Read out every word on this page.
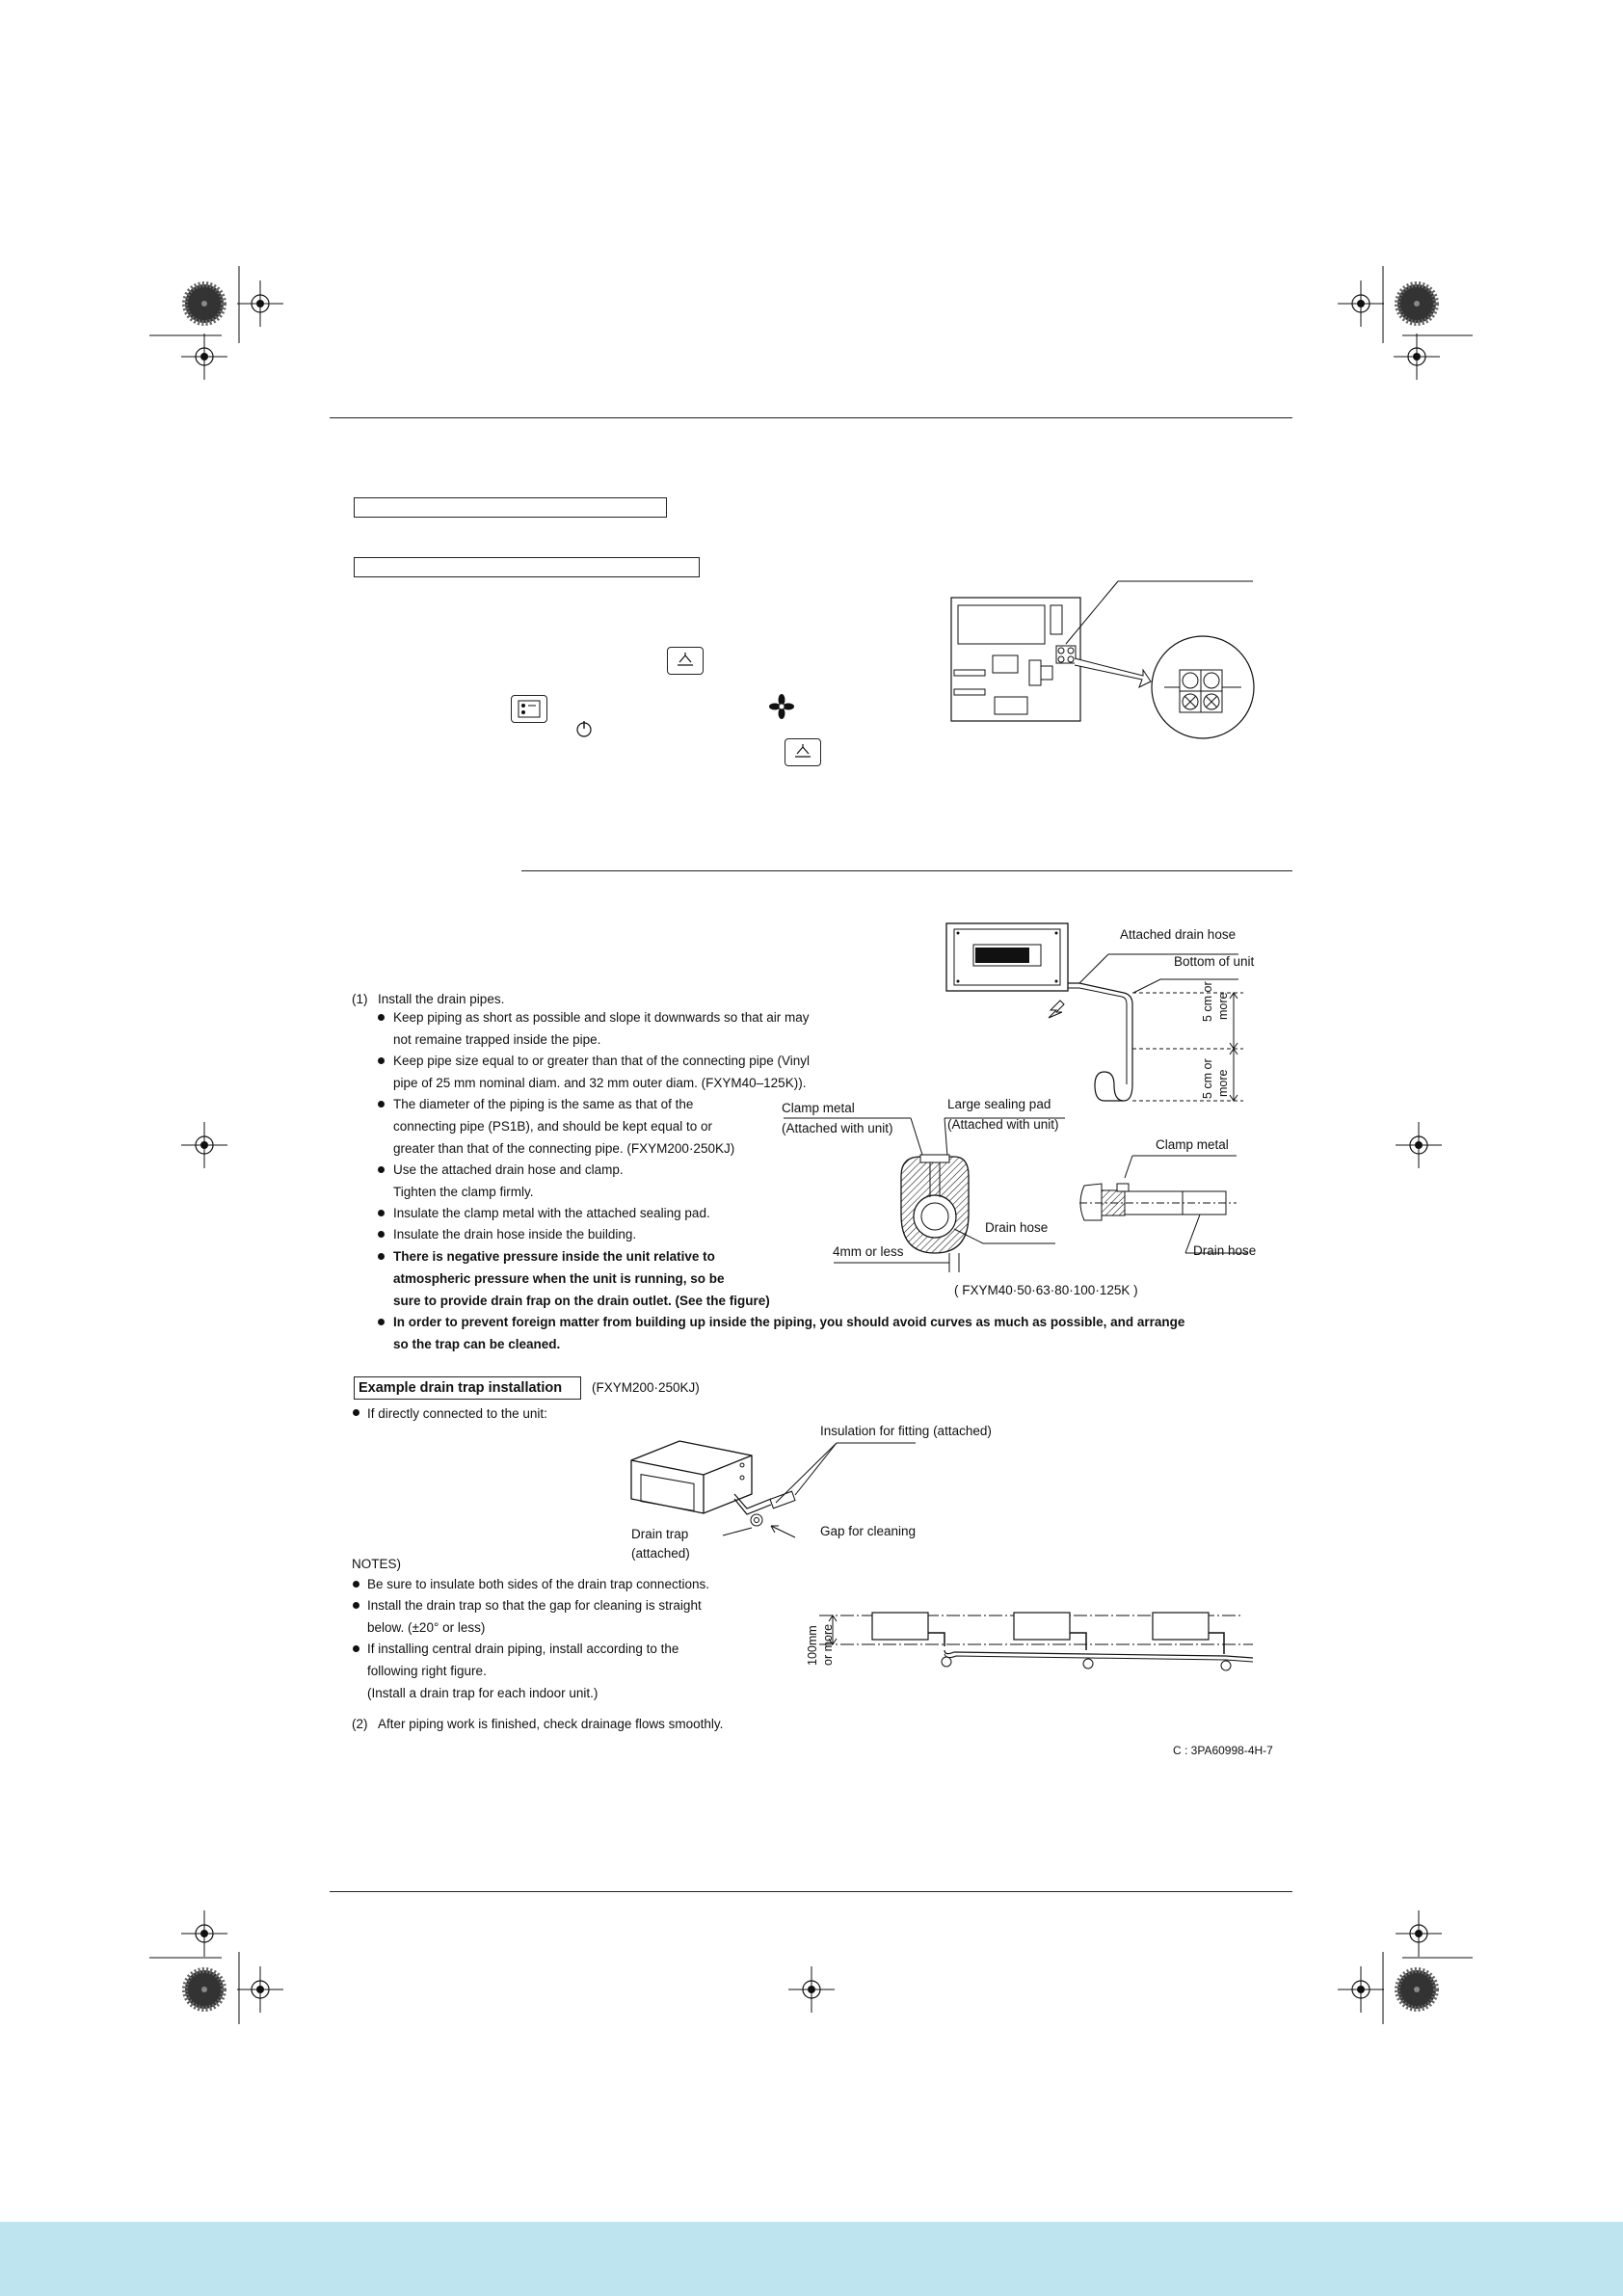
Attached drain hose
Bottom of unit
5 cm or more
5 cm or more
Clamp metal
(Attached with unit)
Large sealing pad
(Attached with unit)
Drain hose
4mm or less
Clamp metal
Drain hose
( FXYM40·50·63·80·100·125K )
(1) Install the drain pipes.
Keep piping as short as possible and slope it downwards so that air may
not remaine trapped inside the pipe.
Keep pipe size equal to or greater than that of the connecting pipe (Vinyl
pipe of 25 mm nominal diam. and 32 mm outer diam. (FXYM40–125K)).
The diameter of the piping is the same as that of the
connecting pipe (PS1B), and should be kept equal to or
greater than that of the connecting pipe. (FXYM200·250KJ)
Use the attached drain hose and clamp.
Tighten the clamp firmly.
Insulate the clamp metal with the attached sealing pad.
Insulate the drain hose inside the building.
There is negative pressure inside the unit relative to
atmospheric pressure when the unit is running, so be
sure to provide drain frap on the drain outlet. (See the figure)
In order to prevent foreign matter from building up inside the piping, you should avoid curves as much as possible, and arrange
so the trap can be cleaned.
Example drain trap installation (FXYM200·250KJ)
If directly connected to the unit:
Insulation for fitting (attached)
Drain trap
(attached)
Gap for cleaning
NOTES)
Be sure to insulate both sides of the drain trap connections.
Install the drain trap so that the gap for cleaning is straight
below. (±20° or less)
If installing central drain piping, install according to the
following right figure.
(Install a drain trap for each indoor unit.)
100mm or more
(2) After piping work is finished, check drainage flows smoothly.
C : 3PA60998-4H-7
